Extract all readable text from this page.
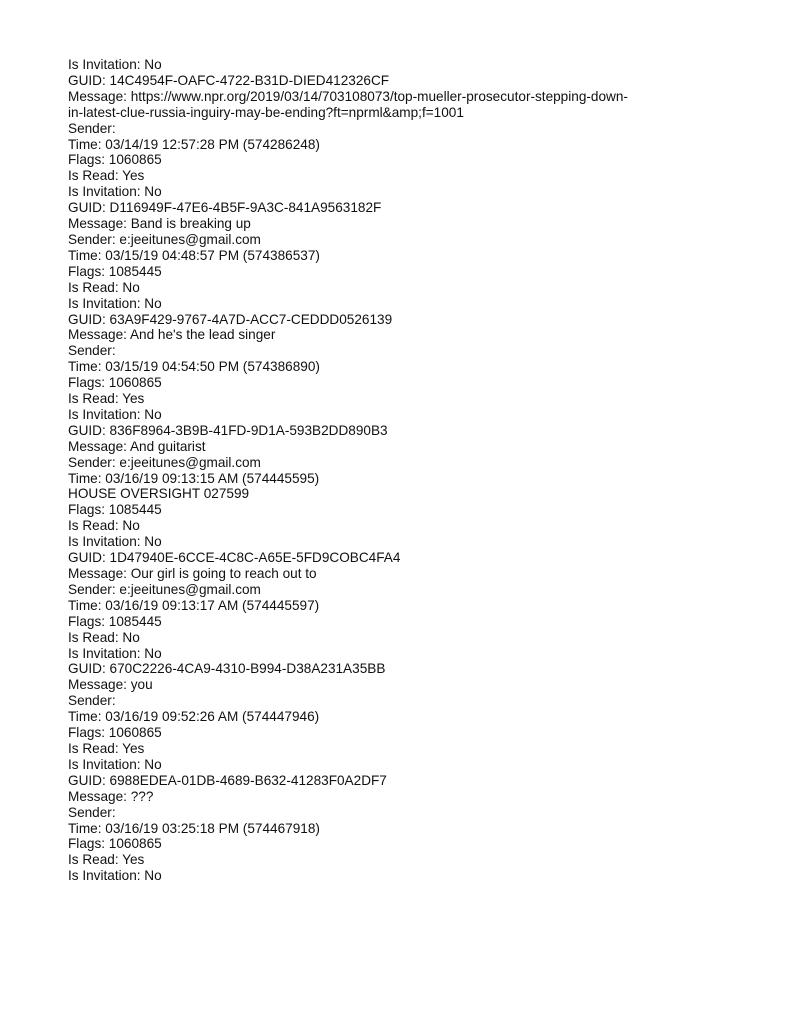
Is Invitation: No
GUID: 14C4954F-OAFC-4722-B31D-DIED412326CF
Message: https://www.npr.org/2019/03/14/703108073/top-mueller-prosecutor-stepping-down-
in-latest-clue-russia-inguiry-may-be-ending?ft=nprml&amp;f=1001
Sender:
Time: 03/14/19 12:57:28 PM (574286248)
Flags: 1060865
Is Read: Yes
Is Invitation: No
GUID: D116949F-47E6-4B5F-9A3C-841A9563182F
Message: Band is breaking up
Sender: e:jeeitunes@gmail.com
Time: 03/15/19 04:48:57 PM (574386537)
Flags: 1085445
Is Read: No
Is Invitation: No
GUID: 63A9F429-9767-4A7D-ACC7-CEDDD0526139
Message: And he's the lead singer
Sender:
Time: 03/15/19 04:54:50 PM (574386890)
Flags: 1060865
Is Read: Yes
Is Invitation: No
GUID: 836F8964-3B9B-41FD-9D1A-593B2DD890B3
Message: And guitarist
Sender: e:jeeitunes@gmail.com
Time: 03/16/19 09:13:15 AM (574445595)
HOUSE OVERSIGHT 027599
Flags: 1085445
Is Read: No
Is Invitation: No
GUID: 1D47940E-6CCE-4C8C-A65E-5FD9COBC4FA4
Message: Our girl is going to reach out to
Sender: e:jeeitunes@gmail.com
Time: 03/16/19 09:13:17 AM (574445597)
Flags: 1085445
Is Read: No
Is Invitation: No
GUID: 670C2226-4CA9-4310-B994-D38A231A35BB
Message: you
Sender:
Time: 03/16/19 09:52:26 AM (574447946)
Flags: 1060865
Is Read: Yes
Is Invitation: No
GUID: 6988EDEA-01DB-4689-B632-41283F0A2DF7
Message: ???
Sender:
Time: 03/16/19 03:25:18 PM (574467918)
Flags: 1060865
Is Read: Yes
Is Invitation: No
